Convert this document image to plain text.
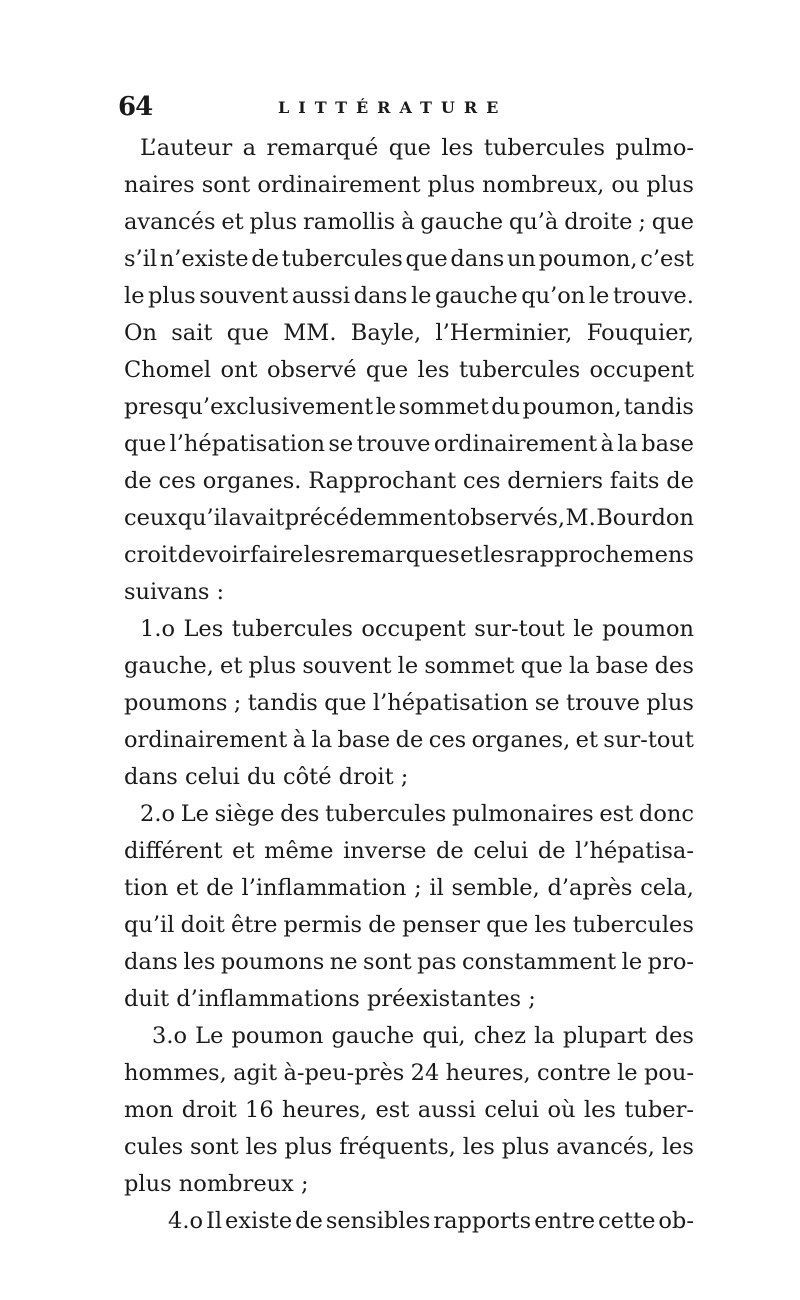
64	LITTÉRATURE
L’auteur a remarqué que les tubercules pulmo-
naires sont ordinairement plus nombreux, ou plus
avancés et plus ramollis à gauche qu’à droite ; que
s’il n’existe de tubercules que dans un poumon, c’est
le plus souvent aussi dans le gauche qu’on le trouve.
On sait que MM. Bayle, l’Herminier, Fouquier,
Chomel ont observé que les tubercules occupent
presqu’exclusivement le sommet du poumon, tandis
que l’hépatisation se trouve ordinairement à la base
de ces organes. Rapprochant ces derniers faits de
ceux qu’il avait précédemment observés, M. Bourdon
croit devoir faire les remarques et les rapprochemens
suivans :
1.o Les tubercules occupent sur-tout le poumon
gauche, et plus souvent le sommet que la base des
poumons ; tandis que l’hépatisation se trouve plus
ordinairement à la base de ces organes, et sur-tout
dans celui du côté droit ;
2.o Le siège des tubercules pulmonaires est donc
différent et même inverse de celui de l’hépatisa-
tion et de l’inflammation ; il semble, d’après cela,
qu’il doit être permis de penser que les tubercules
dans les poumons ne sont pas constamment le pro-
duit d’inflammations préexistantes ;
3.o Le poumon gauche qui, chez la plupart des
hommes, agit à-peu-près 24 heures, contre le pou-
mon droit 16 heures, est aussi celui où les tuber-
cules sont les plus fréquents, les plus avancés, les
plus nombreux ;
4.o Il existe de sensibles rapports entre cette ob-
